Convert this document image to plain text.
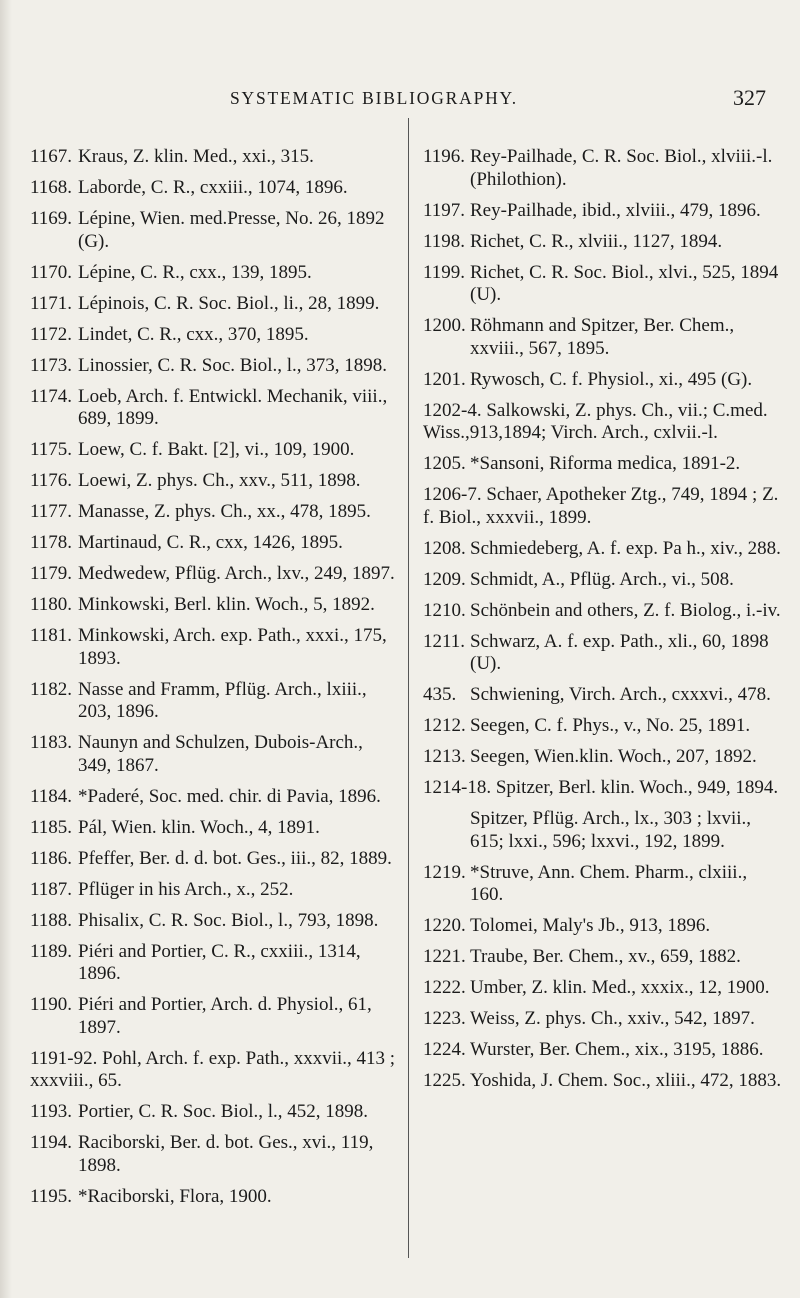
SYSTEMATIC BIBLIOGRAPHY.	327
1167. Kraus, Z. klin. Med., xxi., 315.
1168. Laborde, C. R., cxxiii., 1074, 1896.
1169. Lépine, Wien. med.Presse, No. 26, 1892 (G).
1170. Lépine, C. R., cxx., 139, 1895.
1171. Lépinois, C. R. Soc. Biol., li., 28, 1899.
1172. Lindet, C. R., cxx., 370, 1895.
1173. Linossier, C. R. Soc. Biol., l., 373, 1898.
1174. Loeb, Arch. f. Entwickl. Mechanik, viii., 689, 1899.
1175. Loew, C. f. Bakt. [2], vi., 109, 1900.
1176. Loewi, Z. phys. Ch., xxv., 511, 1898.
1177. Manasse, Z. phys. Ch., xx., 478, 1895.
1178. Martinaud, C. R., cxx, 1426, 1895.
1179. Medwedew, Pflüg. Arch., lxv., 249, 1897.
1180. Minkowski, Berl. klin. Woch., 5, 1892.
1181. Minkowski, Arch. exp. Path., xxxi., 175, 1893.
1182. Nasse and Framm, Pflüg. Arch., lxiii., 203, 1896.
1183. Naunyn and Schulzen, Dubois-Arch., 349, 1867.
1184. *Paderé, Soc. med. chir. di Pavia, 1896.
1185. Pál, Wien. klin. Woch., 4, 1891.
1186. Pfeffer, Ber. d. d. bot. Ges., iii., 82, 1889.
1187. Pflüger in his Arch., x., 252.
1188. Phisalix, C. R. Soc. Biol., l., 793, 1898.
1189. Piéri and Portier, C. R., cxxiii., 1314, 1896.
1190. Piéri and Portier, Arch. d. Physiol., 61, 1897.
1191-92. Pohl, Arch. f. exp. Path., xxxvii., 413 ; xxxviii., 65.
1193. Portier, C. R. Soc. Biol., l., 452, 1898.
1194. Raciborski, Ber. d. bot. Ges., xvi., 119, 1898.
1195. *Raciborski, Flora, 1900.
1196. Rey-Pailhade, C. R. Soc. Biol., xlviii.-l. (Philothion).
1197. Rey-Pailhade, ibid., xlviii., 479, 1896.
1198. Richet, C. R., xlviii., 1127, 1894.
1199. Richet, C. R. Soc. Biol., xlvi., 525, 1894 (U).
1200. Röhmann and Spitzer, Ber. Chem., xxviii., 567, 1895.
1201. Rywosch, C. f. Physiol., xi., 495 (G).
1202-4. Salkowski, Z. phys. Ch., vii.; C.med. Wiss.,913,1894; Virch. Arch., cxlvii.-l.
1205. *Sansoni, Riforma medica, 1891-2.
1206-7. Schaer, Apotheker Ztg., 749, 1894 ; Z. f. Biol., xxxvii., 1899.
1208. Schmiedeberg, A. f. exp. Pa h., xiv., 288.
1209. Schmidt, A., Pflüg. Arch., vi., 508.
1210. Schönbein and others, Z. f. Biolog., i.-iv.
1211. Schwarz, A. f. exp. Path., xli., 60, 1898 (U).
435. Schwiening, Virch. Arch., cxxxvi., 478.
1212. Seegen, C. f. Phys., v., No. 25, 1891.
1213. Seegen, Wien.klin. Woch., 207, 1892.
1214-18. Spitzer, Berl. klin. Woch., 949, 1894.
Spitzer, Pflüg. Arch., lx., 303 ; lxvii., 615; lxxi., 596; lxxvi., 192, 1899.
1219. *Struve, Ann. Chem. Pharm., clxiii., 160.
1220. Tolomei, Maly's Jb., 913, 1896.
1221. Traube, Ber. Chem., xv., 659, 1882.
1222. Umber, Z. klin. Med., xxxix., 12, 1900.
1223. Weiss, Z. phys. Ch., xxiv., 542, 1897.
1224. Wurster, Ber. Chem., xix., 3195, 1886.
1225. Yoshida, J. Chem. Soc., xliii., 472, 1883.
